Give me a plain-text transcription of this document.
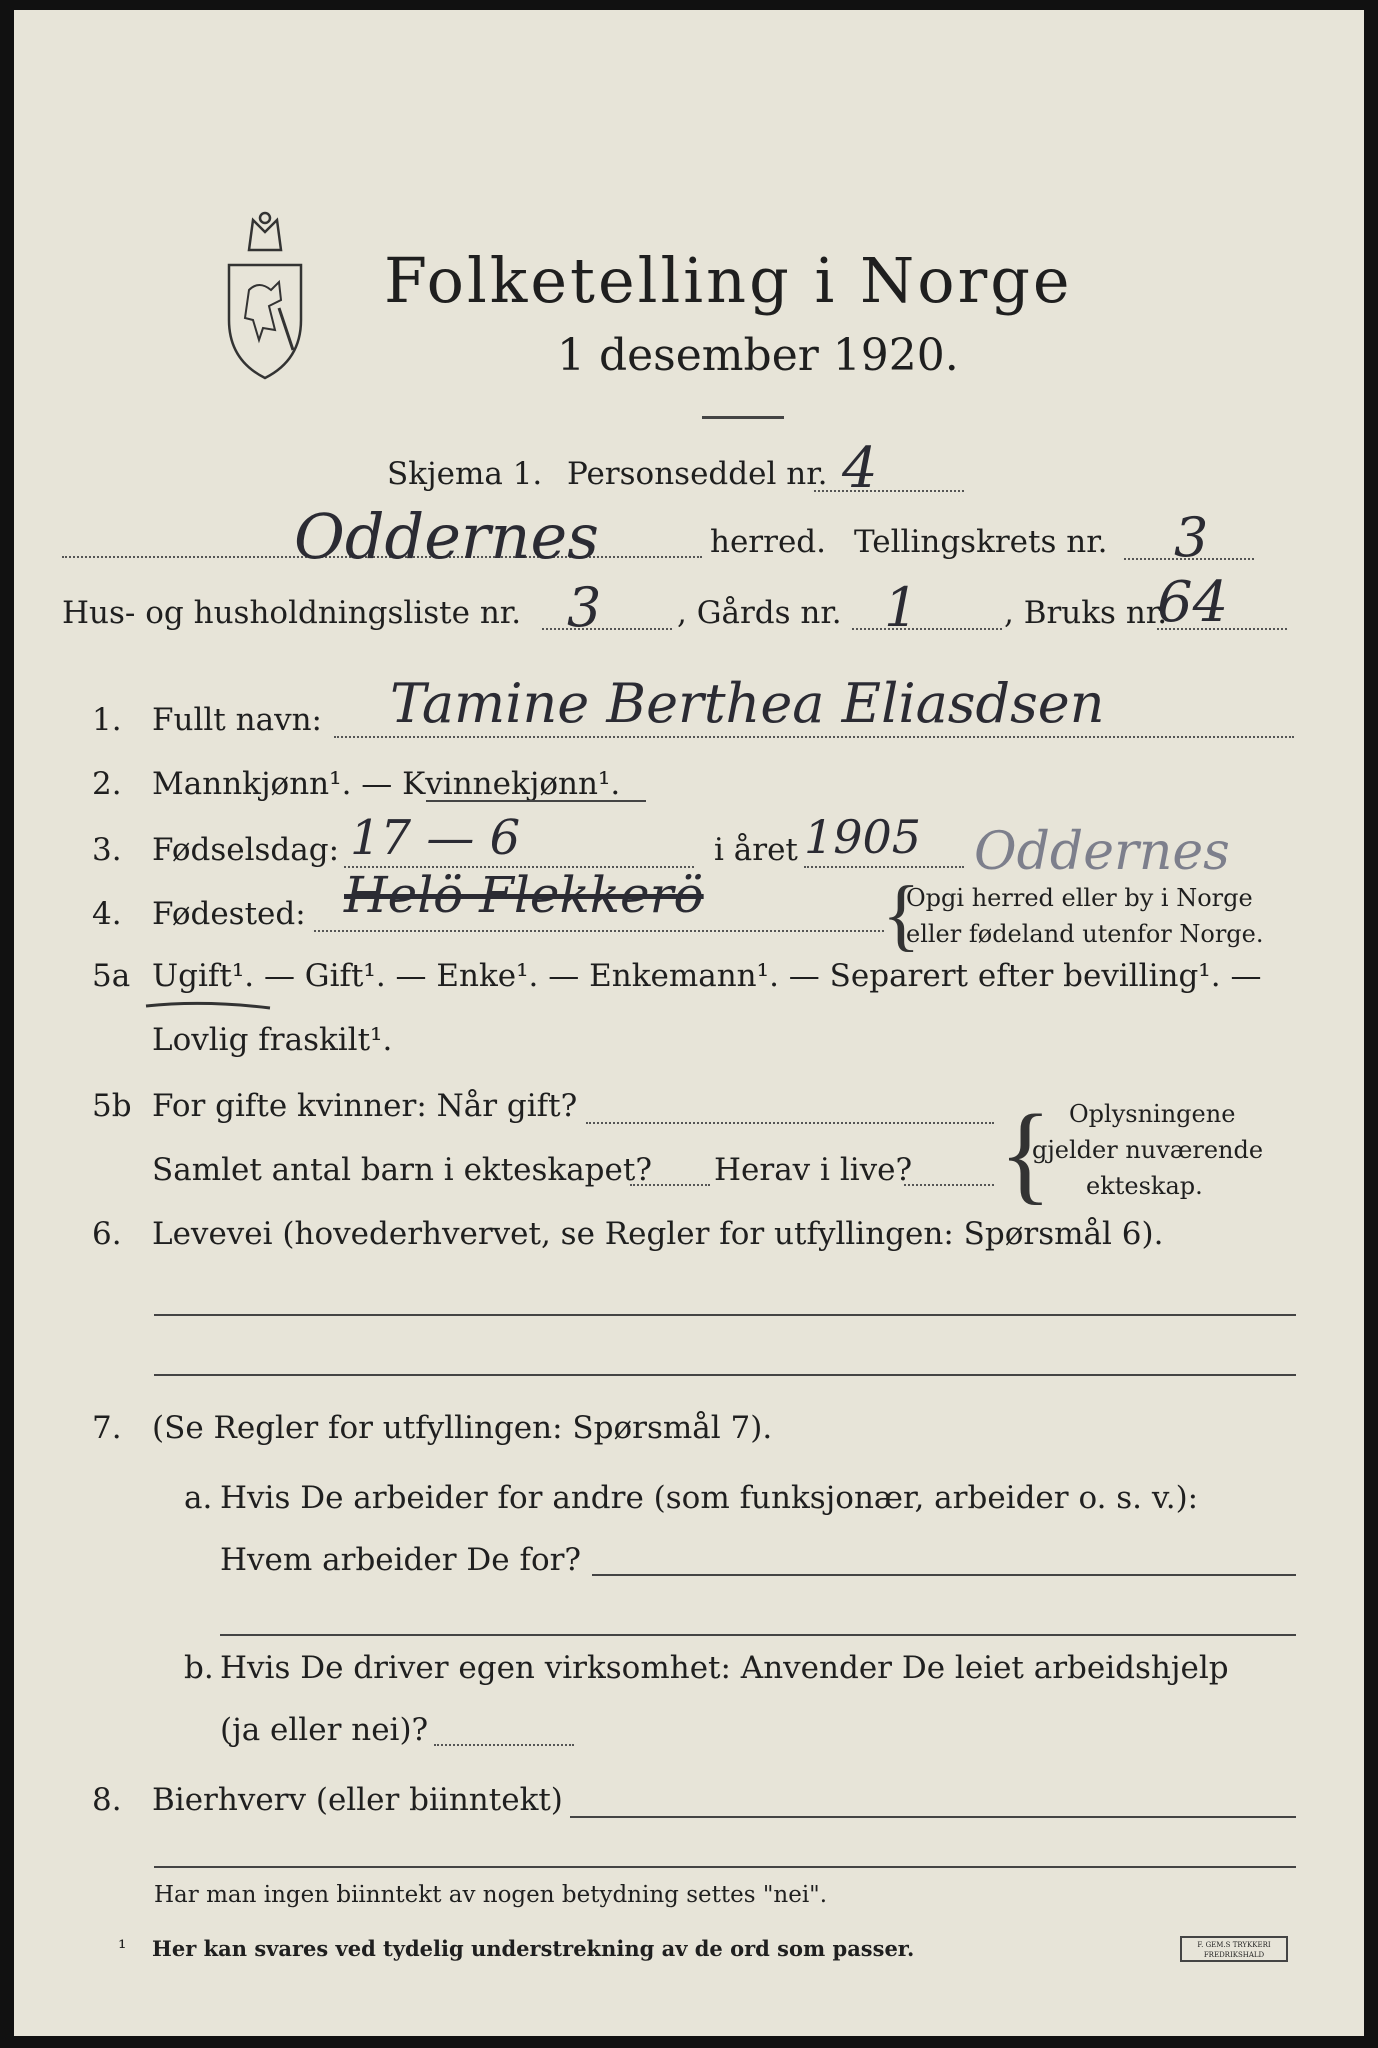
Folketelling i Norge
1 desember 1920.
Skjema 1. Personseddel nr. 4
Oddernes	herred. Tellingskrets nr. 3
Hus- og husholdningsliste nr. 3 , Gårds nr. 1	, Bruks nr.
64
1. Fullt navn: Tamine Berthea Eliasdsen
2. Mannkjønn¹. — Kvinnekjønn¹.
3. Fødselsdag: 17 — 6	i året 1905 Oddernes
4. Fødested: Helö Flekkerö {
Opgi herred eller by i Norge
eller fødeland utenfor Norge.
5a Ugift¹. — Gift¹. — Enke¹. — Enkemann¹. — Separert efter bevilling¹. —
Lovlig fraskilt¹.
5b For gifte kvinner: Når gift?
Samlet antal barn i ekteskapet? Herav i live? { Oplysningene
gjelder nuværende
ekteskap.
6. Levevei (hovederhvervet, se Regler for utfyllingen: Spørsmål 6).
7. (Se Regler for utfyllingen: Spørsmål 7).
a. Hvis De arbeider for andre (som funksjonær, arbeider o. s. v.):
Hvem arbeider De for?
b. Hvis De driver egen virksomhet: Anvender De leiet arbeidshjelp
(ja eller nei)?
8. Bierhverv (eller biinntekt)
Har man ingen biinntekt av nogen betydning settes "nei".
¹ Her kan svares ved tydelig understrekning av de ord som passer.	F. GEM.S TRYKKERI
FREDRIKSHALD
